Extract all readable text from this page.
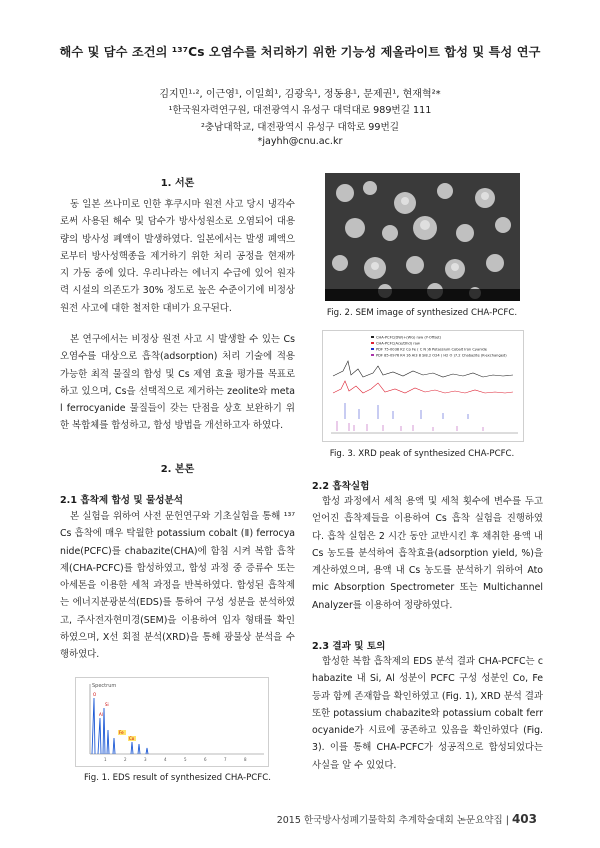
해수 및 담수 조건의 ¹³⁷Cs 오염수를 처리하기 위한 기능성 제올라이트 합성 및 특성 연구
김지민¹·², 이근영¹, 이일희¹, 김광욱¹, 정동용¹, 문제권¹, 현재혁²*
¹한국원자력연구원, 대전광역시 유성구 대덕대로 989번길 111
²충남대학교, 대전광역시 유성구 대학로 99번길
*jayhh@cnu.ac.kr
1. 서론
동 일본 쓰나미로 인한 후쿠시마 원전 사고 당시 냉각수로써 사용된 해수 및 담수가 방사성원소로 오염되어 대용량의 방사성 폐액이 발생하였다. 일본에서는 발생 폐액으로부터 방사성핵종을 제거하기 위한 처리 공정을 현재까지 가동 중에 있다. 우리나라는 에너지 수급에 있어 원자력 시설의 의존도가 30% 정도로 높은 수준이기에 비정상 원전 사고에 대한 철저한 대비가 요구된다.
본 연구에서는 비정상 원전 사고 시 발생할 수 있는 Cs 오염수를 대상으로 흡착(adsorption) 처리 기술에 적용 가능한 최적 물질의 합성 및 Cs 제염 효율 평가를 목표로 하고 있으며, Cs을 선택적으로 제거하는 zeolite와 metal ferrocyanide 물질들이 갖는 단점을 상호 보완하기 위한 복합체를 합성하고, 합성 방법을 개선하고자 하였다.
2. 본론
2.1 흡착제 합성 및 물성분석
본 실험을 위하여 사전 문헌연구와 기초실험을 통해 ¹³⁷Cs 흡착에 매우 탁월한 potassium cobalt (Ⅱ) ferrocyanide(PCFC)를 chabazite(CHA)에 함침 시켜 복합 흡착제(CHA-PCFC)를 합성하였고, 합성 과정 중 증류수 또는 아세톤을 이용한 세척 과정을 반복하였다. 합성된 흡착제는 에너지분광분석(EDS)를 통하여 구성 성분을 분석하였고, 주사전자현미경(SEM)을 이용하여 입자 형태를 확인하였으며, X선 회절 분석(XRD)을 통해 광물상 분석을 수행하였다.
Spectrum
Fe
Co
O
Si
Al
1	2	3	4	5	6	7	8
Fig. 1. EDS result of synthesized CHA-PCFC.
Fig. 2. SEM image of synthesized CHA-PCFC.
CHA-PCFC(DW)+(WG) raw (Y-Offset)
CHA-PCFC(Ace/Dhd) raw
PDF 75-0038 K2 Co Fe ( C N )6 Potassium Cobalt Iron Cyanide
PDF 85-0976 K4 16 Al3 8 Si8.2 O24 ( H2 O )7.2 Chabazite (K-exchanged)
Fig. 3. XRD peak of synthesized CHA-PCFC.
2.2 흡착실험
합성 과정에서 세척 용액 및 세척 횟수에 변수를 두고 얻어진 흡착제들을 이용하여 Cs 흡착 실험을 진행하였다. 흡착 실험은 2 시간 동안 교반시킨 후 채취한 용액 내 Cs 농도를 분석하여 흡착효율(adsorption yield, %)을 계산하였으며, 용액 내 Cs 농도를 분석하기 위하여 Atomic Absorption Spectrometer 또는 Multichannel Analyzer를 이용하여 정량하였다.
2.3 결과 및 토의
합성한 복합 흡착제의 EDS 분석 결과 CHA-PCFC는 chabazite 내 Si, Al 성분이 PCFC 구성 성분인 Co, Fe 등과 함께 존재함을 확인하였고 (Fig. 1), XRD 분석 결과 또한 potassium chabazite와 potassium cobalt ferrocyanide가 시료에 공존하고 있음을 확인하였다 (Fig. 3). 이를 통해 CHA-PCFC가 성공적으로 합성되었다는 사실을 알 수 있었다.
2015 한국방사성폐기물학회 추계학술대회 논문요약집 | 403
